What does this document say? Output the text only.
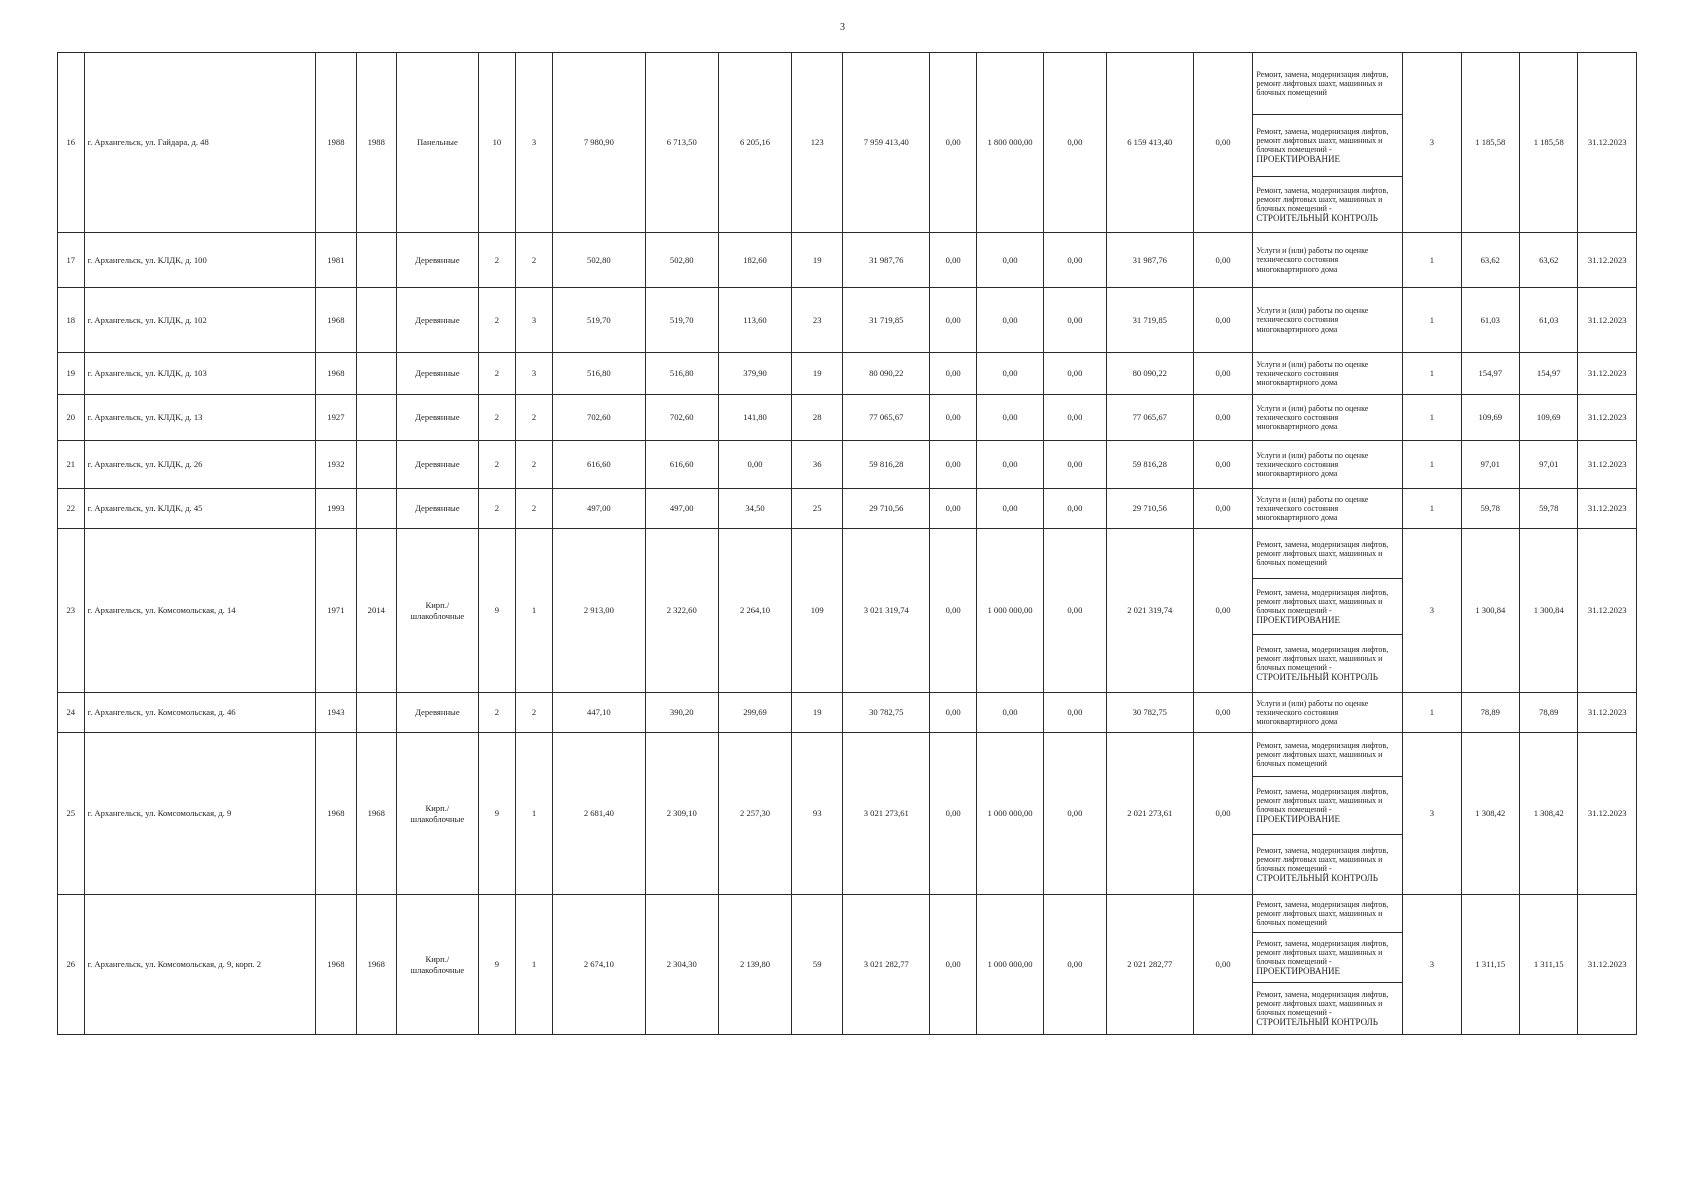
3
16	г. Архангельск, ул. Гайдара, д. 48	1988	1988	Панельные	10	3	7 980,90	6 713,50	6 205,16	123	7 959 413,40	0,00	1 800 000,00	0,00	6 159 413,40	0,00	Ремонт, замена, модернизация лифтов, ремонт лифтовых шахт, машинных и блочных помещений	3	1 185,58	1 185,58	31.12.2023
																	Ремонт, замена, модернизация лифтов, ремонт лифтовых шахт, машинных и блочных помещений -
ПРОЕКТИРОВАНИЕ				
																	Ремонт, замена, модернизация лифтов, ремонт лифтовых шахт, машинных и блочных помещений -
СТРОИТЕЛЬНЫЙ КОНТРОЛЬ				
17	г. Архангельск, ул. КЛДК, д. 100	1981		Деревянные	2	2	502,80	502,80	182,60	19	31 987,76	0,00	0,00	0,00	31 987,76	0,00	Услуги и (или) работы по оценке технического состояния многоквартирного дома	1	63,62	63,62	31.12.2023
18	г. Архангельск, ул. КЛДК, д. 102	1968		Деревянные	2	3	519,70	519,70	113,60	23	31 719,85	0,00	0,00	0,00	31 719,85	0,00	Услуги и (или) работы по оценке технического состояния многоквартирного дома	1	61,03	61,03	31.12.2023
19	г. Архангельск, ул. КЛДК, д. 103	1968		Деревянные	2	3	516,80	516,80	379,90	19	80 090,22	0,00	0,00	0,00	80 090,22	0,00	Услуги и (или) работы по оценке технического состояния многоквартирного дома	1	154,97	154,97	31.12.2023
20	г. Архангельск, ул. КЛДК, д. 13	1927		Деревянные	2	2	702,60	702,60	141,80	28	77 065,67	0,00	0,00	0,00	77 065,67	0,00	Услуги и (или) работы по оценке технического состояния многоквартирного дома	1	109,69	109,69	31.12.2023
21	г. Архангельск, ул. КЛДК, д. 26	1932		Деревянные	2	2	616,60	616,60	0,00	36	59 816,28	0,00	0,00	0,00	59 816,28	0,00	Услуги и (или) работы по оценке технического состояния многоквартирного дома	1	97,01	97,01	31.12.2023
22	г. Архангельск, ул. КЛДК, д. 45	1993		Деревянные	2	2	497,00	497,00	34,50	25	29 710,56	0,00	0,00	0,00	29 710,56	0,00	Услуги и (или) работы по оценке технического состояния многоквартирного дома	1	59,78	59,78	31.12.2023
23	г. Архангельск, ул. Комсомольская, д. 14	1971	2014	Кирп./ шлакоблочные	9	1	2 913,00	2 322,60	2 264,10	109	3 021 319,74	0,00	1 000 000,00	0,00	2 021 319,74	0,00	Ремонт, замена, модернизация лифтов, ремонт лифтовых шахт, машинных и блочных помещений	3	1 300,84	1 300,84	31.12.2023
																	Ремонт, замена, модернизация лифтов, ремонт лифтовых шахт, машинных и блочных помещений -
ПРОЕКТИРОВАНИЕ				
																	Ремонт, замена, модернизация лифтов, ремонт лифтовых шахт, машинных и блочных помещений -
СТРОИТЕЛЬНЫЙ КОНТРОЛЬ				
24	г. Архангельск, ул. Комсомольская, д. 46	1943		Деревянные	2	2	447,10	390,20	299,69	19	30 782,75	0,00	0,00	0,00	30 782,75	0,00	Услуги и (или) работы по оценке технического состояния многоквартирного дома	1	78,89	78,89	31.12.2023
25	г. Архангельск, ул. Комсомольская, д. 9	1968	1968	Кирп./ шлакоблочные	9	1	2 681,40	2 309,10	2 257,30	93	3 021 273,61	0,00	1 000 000,00	0,00	2 021 273,61	0,00	Ремонт, замена, модернизация лифтов, ремонт лифтовых шахт, машинных и блочных помещений	3	1 308,42	1 308,42	31.12.2023
																	Ремонт, замена, модернизация лифтов, ремонт лифтовых шахт, машинных и блочных помещений -
ПРОЕКТИРОВАНИЕ				
																	Ремонт, замена, модернизация лифтов, ремонт лифтовых шахт, машинных и блочных помещений -
СТРОИТЕЛЬНЫЙ КОНТРОЛЬ				
26	г. Архангельск, ул. Комсомольская, д. 9, корп. 2	1968	1968	Кирп./ шлакоблочные	9	1	2 674,10	2 304,30	2 139,80	59	3 021 282,77	0,00	1 000 000,00	0,00	2 021 282,77	0,00	Ремонт, замена, модернизация лифтов, ремонт лифтовых шахт, машинных и блочных помещений	3	1 311,15	1 311,15	31.12.2023
																	Ремонт, замена, модернизация лифтов, ремонт лифтовых шахт, машинных и блочных помещений -
ПРОЕКТИРОВАНИЕ				
																	Ремонт, замена, модернизация лифтов, ремонт лифтовых шахт, машинных и блочных помещений -
СТРОИТЕЛЬНЫЙ КОНТРОЛЬ				
